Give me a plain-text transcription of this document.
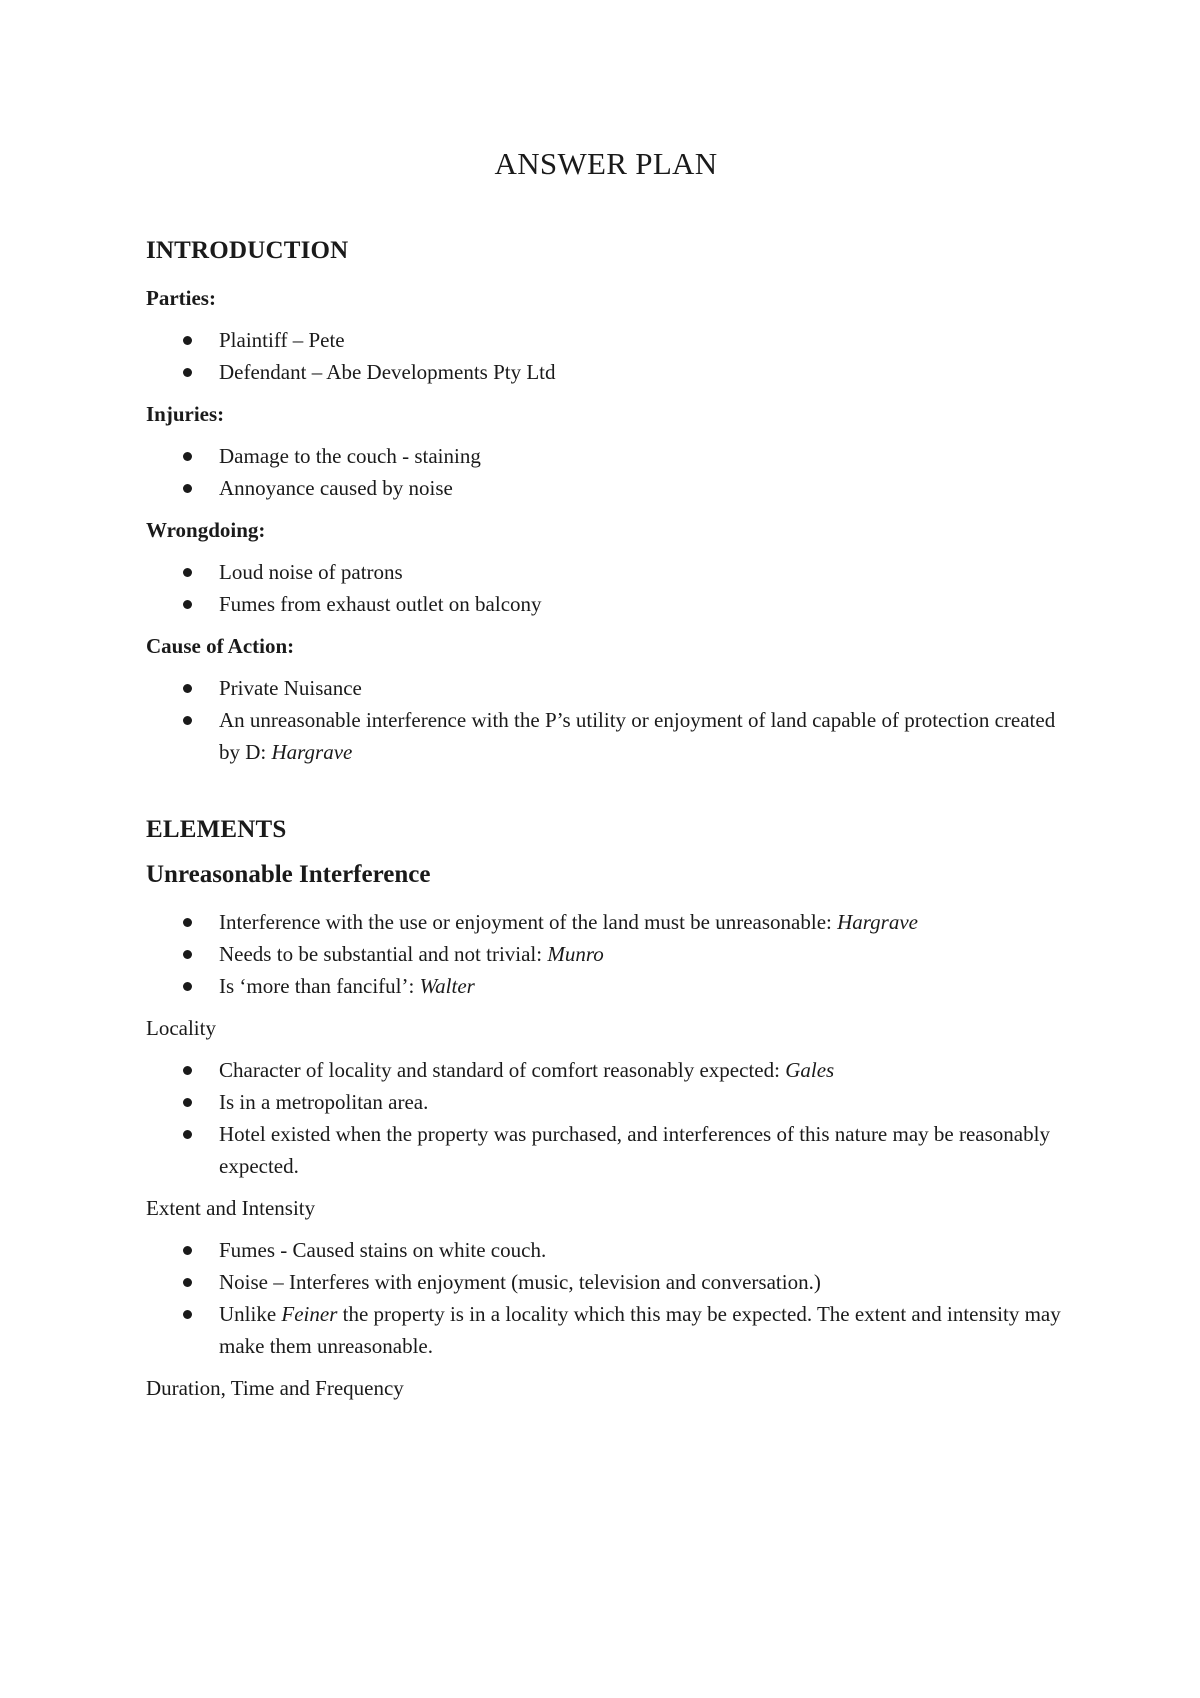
ANSWER PLAN
INTRODUCTION
Parties:
Plaintiff – Pete
Defendant – Abe Developments Pty Ltd
Injuries:
Damage to the couch - staining
Annoyance caused by noise
Wrongdoing:
Loud noise of patrons
Fumes from exhaust outlet on balcony
Cause of Action:
Private Nuisance
An unreasonable interference with the P’s utility or enjoyment of land capable of protection created by D: Hargrave
ELEMENTS
Unreasonable Interference
Interference with the use or enjoyment of the land must be unreasonable: Hargrave
Needs to be substantial and not trivial: Munro
Is ‘more than fanciful’: Walter
Locality
Character of locality and standard of comfort reasonably expected: Gales
Is in a metropolitan area.
Hotel existed when the property was purchased, and interferences of this nature may be reasonably expected.
Extent and Intensity
Fumes - Caused stains on white couch.
Noise – Interferes with enjoyment (music, television and conversation.)
Unlike Feiner the property is in a locality which this may be expected. The extent and intensity may make them unreasonable.
Duration, Time and Frequency
